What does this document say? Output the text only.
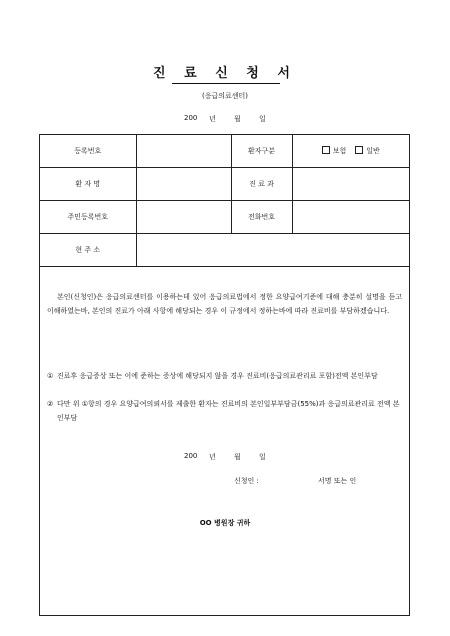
진 료 신 청 서
(응급의료센터)
200 년	월	일
등록번호		환자구분	보험 일반
환 자 명		진 료 과	
주민등록번호		전화번호	
현 주 소			
본인(신청인)은 응급의료센터를 이용하는데 있어 응급의료법에서 정한 요양급여기준에 대해 충분히 설명을 듣고 이해하였는바, 본인의 진료가 아래 사항에 해당되는 경우 이 규정에서 정하는바에 따라 진료비를 부담하겠습니다.
① 진료후 응급증상 또는 이에 준하는 증상에 해당되지 않을 경우 진료비(응급의료관리료 포함)전액 본인부담
② 다만 위 ①항의 경우 요양급여의뢰서를 제출한 환자는 진료비의 본인일부부담금(55%)과 응급의료관리료 전액 본인부담
200 년	월	일
신청인 :	서명 또는 인
OO 병원장 귀하
